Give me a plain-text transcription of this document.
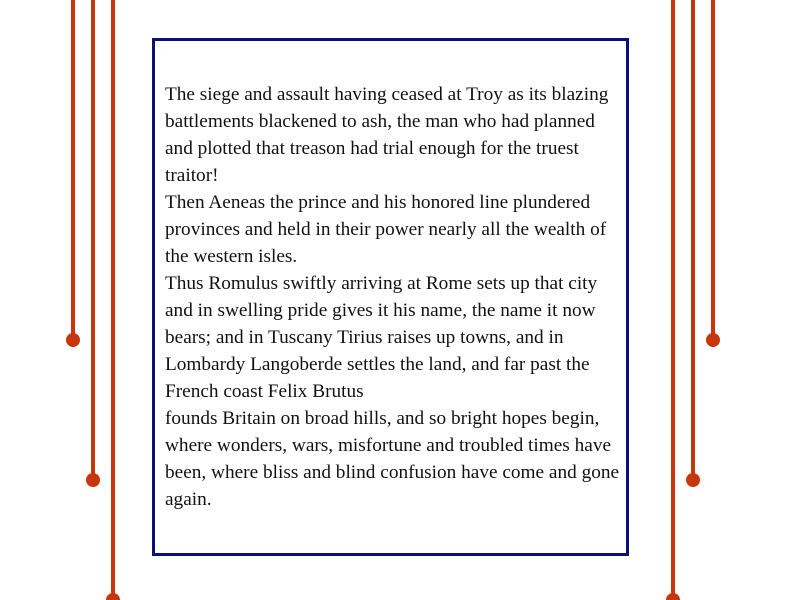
The siege and assault having ceased at Troy as its blazing battlements blackened to ash, the man who had planned and plotted that treason had trial enough for the truest traitor!

Then Aeneas the prince and his honored line plundered provinces and held in their power nearly all the wealth of the western isles.

Thus Romulus swiftly arriving at Rome sets up that city and in swelling pride gives it his name, the name it now bears; and in Tuscany Tirius raises up towns, and in Lombardy Langoberde settles the land, and far past the French coast Felix Brutus

founds Britain on broad hills, and so bright hopes begin, where wonders, wars, misfortune and troubled times have been, where bliss and blind confusion have come and gone again.
